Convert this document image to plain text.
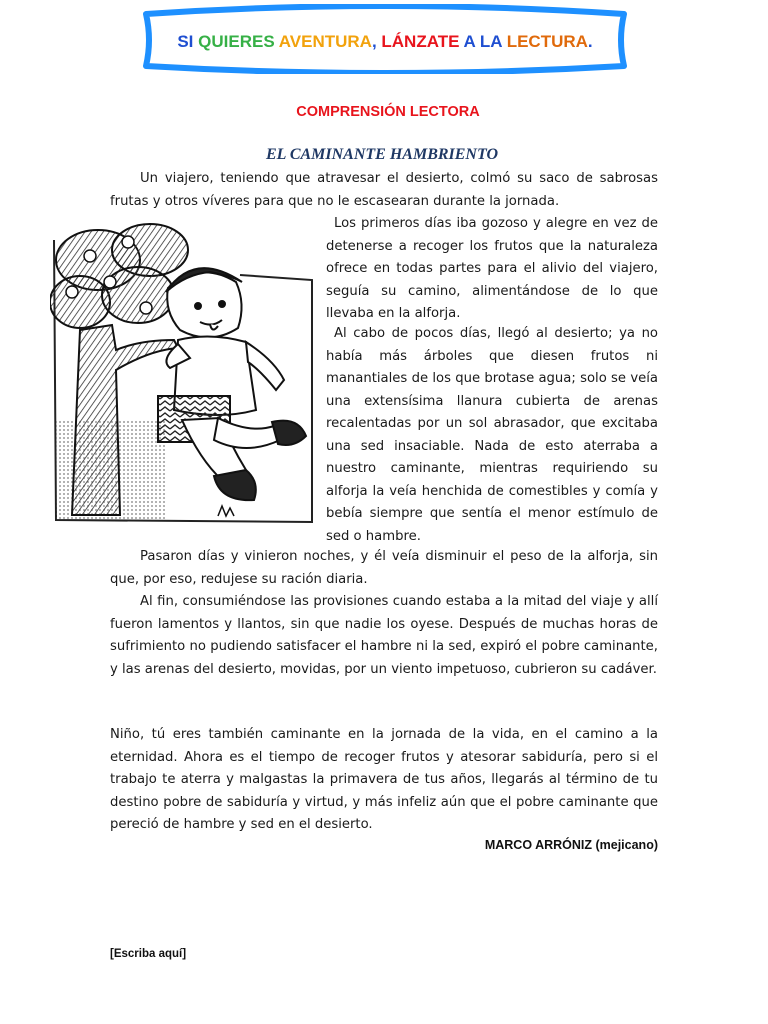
SI QUIERES AVENTURA, LÁNZATE A LA LECTURA.
COMPRENSIÓN LECTORA
EL CAMINANTE HAMBRIENTO

Un viajero, teniendo que atravesar el desierto, colmó su saco de sabrosas frutas y otros víveres para que no le escasearan durante la jornada.

Los primeros días iba gozoso y alegre en vez de detenerse a recoger los frutos que la naturaleza ofrece en todas partes para el alivio del viajero, seguía su camino, alimentándose de lo que llevaba en la alforja.

Al cabo de pocos días, llegó al desierto; ya no había más árboles que diesen frutos ni manantiales de los que brotase agua; solo se veía una extensísima llanura cubierta de arenas recalentadas por un sol abrasador, que excitaba una sed insaciable. Nada de esto aterraba a nuestro caminante, mientras requiriendo su alforja la veía henchida de comestibles y comía y bebía siempre que sentía el menor estímulo de sed o hambre.

Pasaron días y vinieron noches, y él veía disminuir el peso de la alforja, sin que, por eso, redujese su ración diaria.

Al fin, consumiéndose las provisiones cuando estaba a la mitad del viaje y allí fueron lamentos y llantos, sin que nadie los oyese. Después de muchas horas de sufrimiento no pudiendo satisfacer el hambre ni la sed, expiró el pobre caminante, y las arenas del desierto, movidas, por un viento impetuoso, cubrieron su cadáver.

Niño, tú eres también caminante en la jornada de la vida, en el camino a la eternidad. Ahora es el tiempo de recoger frutos y atesorar sabiduría, pero si el trabajo te aterra y malgastas la primavera de tus años, llegarás al término de tu destino pobre de sabiduría y virtud, y más infeliz aún que el pobre caminante que pereció de hambre y sed en el desierto.

MARCO ARRÓNIZ (mejicano)
[Escriba aquí]
